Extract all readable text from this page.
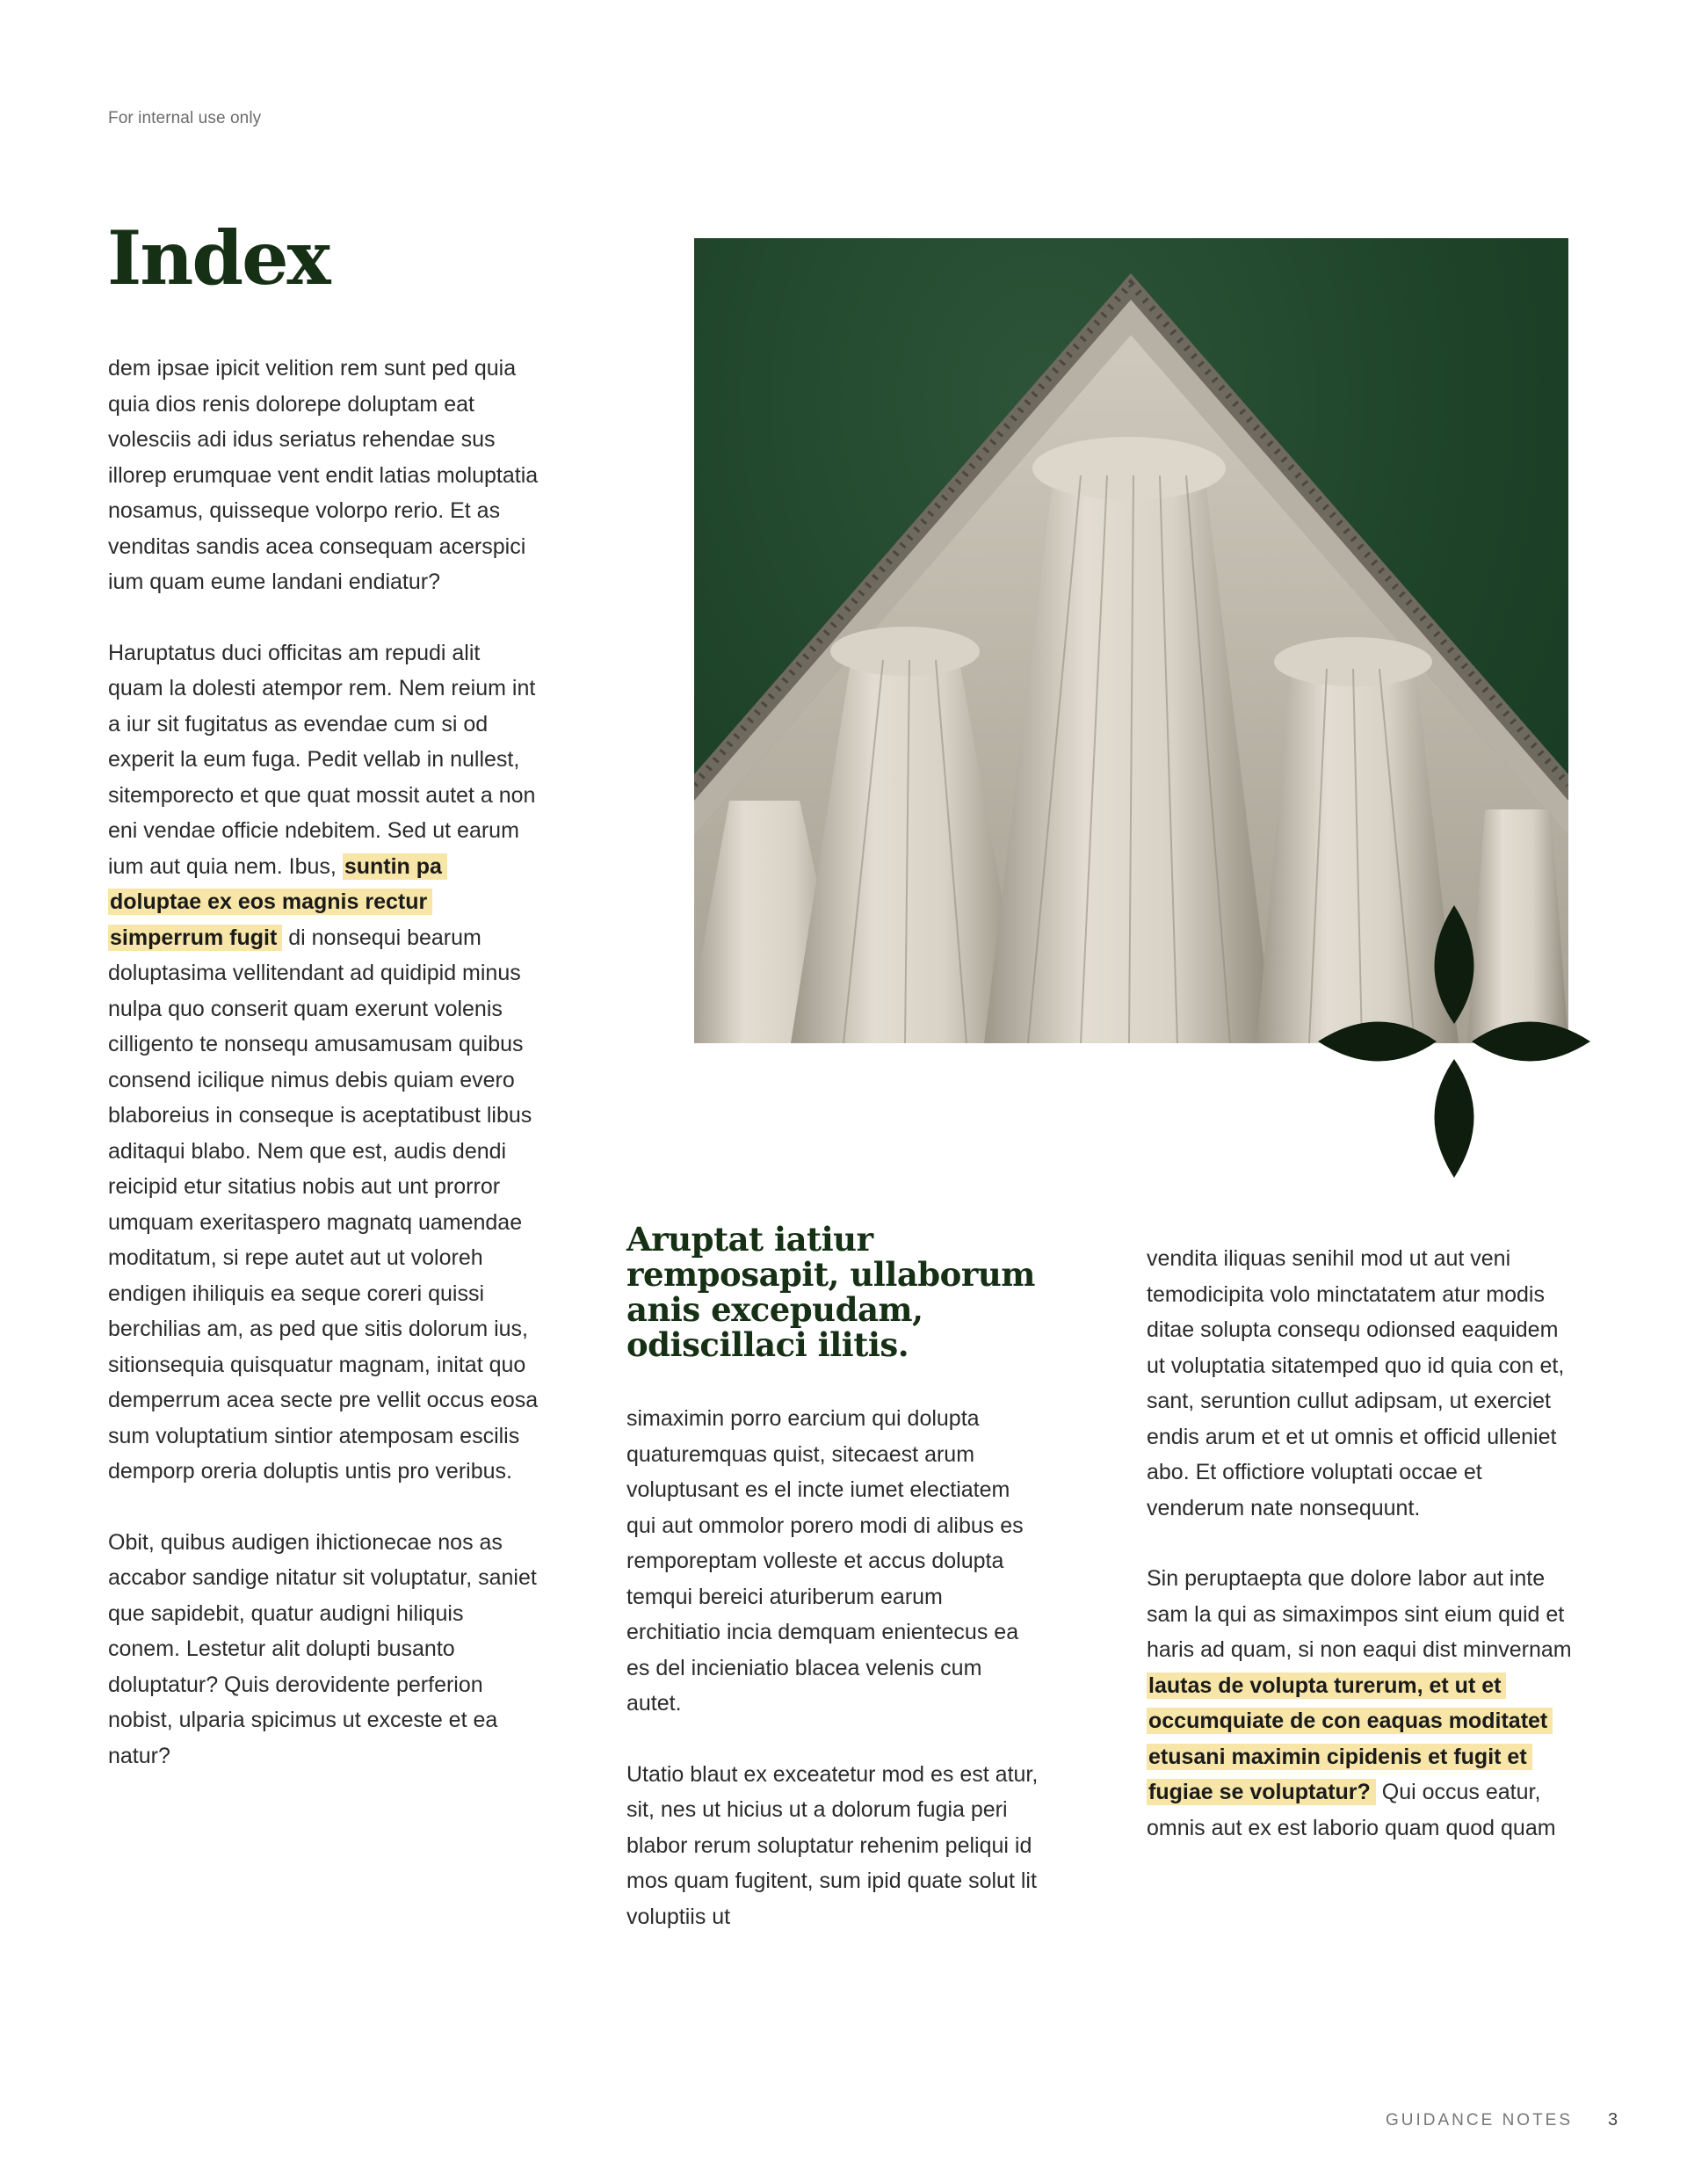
For internal use only
Index

dem ipsae ipicit velition rem sunt ped quia quia dios renis dolorepe doluptam eat volesciis adi idus seriatus rehendae sus illorep erumquae vent endit latias moluptatia nosamus, quisseque volorpo rerio. Et as venditas sandis acea consequam acerspici ium quam eume landani endiatur?

Haruptatus duci officitas am repudi alit quam la dolesti atempor rem. Nem reium int a iur sit fugitatus as evendae cum si od experit la eum fuga. Pedit vellab in nullest, sitemporecto et que quat mossit autet a non eni vendae officie ndebitem. Sed ut earum ium aut quia nem. Ibus, suntin pa doluptae ex eos magnis rectur simperrum fugit di nonsequi bearum doluptasima vellitendant ad quidipid minus nulpa quo conserit quam exerunt volenis cilligento te nonsequ amusamusam quibus consend icilique nimus debis quiam evero blaboreius in conseque is aceptatibust libus aditaqui blabo. Nem que est, audis dendi reicipid etur sitatius nobis aut unt prorror umquam exeritaspero magnatq uamendae moditatum, si repe autet aut ut voloreh endigen ihiliquis ea seque coreri quissi berchilias am, as ped que sitis dolorum ius, sitionsequia quisquatur magnam, initat quo demperrum acea secte pre vellit occus eosa sum voluptatium sintior atemposam escilis demporp oreria doluptis untis pro veribus.

Obit, quibus audigen ihictionecae nos as accabor sandige nitatur sit voluptatur, saniet que sapidebit, quatur audigni hiliquis conem. Lestetur alit dolupti busanto doluptatur? Quis derovidente perferion nobist, ulparia spicimus ut exceste et ea natur?

Aruptat iatiur remposapit, ullaborum anis excepudam, odiscillaci ilitis.

simaximin porro earcium qui dolupta quaturemquas quist, sitecaest arum voluptusant es el incte iumet electiatem qui aut ommolor porero modi di alibus es remporeptam volleste et accus dolupta temqui bereici aturiberum earum erchitiatio incia demquam enientecus ea es del incieniatio blacea velenis cum autet.

Utatio blaut ex exceatetur mod es est atur, sit, nes ut hicius ut a dolorum fugia peri blabor rerum soluptatur rehenim peliqui id mos quam fugitent, sum ipid quate solut lit voluptiis ut

vendita iliquas senihil mod ut aut veni temodicipita volo minctatatem atur modis ditae solupta consequ odionsed eaquidem ut voluptatia sitatemped quo id quia con et, sant, seruntion cullut adipsam, ut exerciet endis arum et et ut omnis et officid ulleniet abo. Et offictiore voluptati occae et venderum nate nonsequunt.

Sin peruptaepta que dolore labor aut inte sam la qui as simaximpos sint eium quid et haris ad quam, si non eaqui dist minvernam lautas de volupta turerum, et ut et occumquiate de con eaquas moditatet etusani maximin cipidenis et fugit et fugiae se voluptatur? Qui occus eatur, omnis aut ex est laborio quam quod quam

GUIDANCE NOTES 3
